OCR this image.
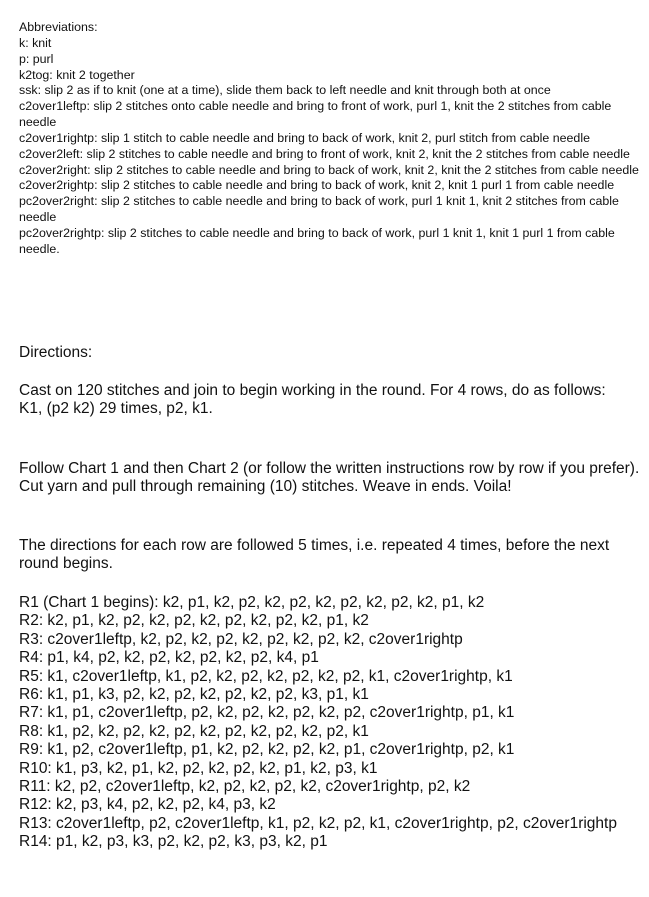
Abbreviations:

k: knit

p: purl

k2tog: knit 2 together

ssk: slip 2 as if to knit (one at a time), slide them back to left needle and knit through both at once

c2over1leftp: slip 2 stitches onto cable needle and bring to front of work, purl 1, knit the 2 stitches from cable needle

c2over1rightp: slip 1 stitch to cable needle and bring to back of work, knit 2, purl stitch from cable needle

c2over2left: slip 2 stitches to cable needle and bring to front of work, knit 2, knit the 2 stitches from cable needle

c2over2right: slip 2 stitches to cable needle and bring to back of work, knit 2, knit the 2 stitches from cable needle

c2over2rightp: slip 2 stitches to cable needle and bring to back of work, knit 2, knit 1 purl 1 from cable needle

pc2over2right: slip 2 stitches to cable needle and bring to back of work, purl 1 knit 1, knit 2 stitches from cable needle

pc2over2rightp: slip 2 stitches to cable needle and bring to back of work, purl 1 knit 1, knit 1 purl 1 from cable needle.

Directions:

Cast on 120 stitches and join to begin working in the round. For 4 rows, do as follows:

K1, (p2 k2) 29 times, p2, k1.

Follow Chart 1 and then Chart 2 (or follow the written instructions row by row if you prefer). Cut yarn and pull through remaining (10) stitches. Weave in ends. Voila!

The directions for each row are followed 5 times, i.e. repeated 4 times, before the next round begins.

R1 (Chart 1 begins): k2, p1, k2, p2, k2, p2, k2, p2, k2, p2, k2, p1, k2

R2: k2, p1, k2, p2, k2, p2, k2, p2, k2, p2, k2, p1, k2

R3: c2over1leftp, k2, p2, k2, p2, k2, p2, k2, p2, k2, c2over1rightp

R4: p1, k4, p2, k2, p2, k2, p2, k2, p2, k4, p1

R5: k1, c2over1leftp, k1, p2, k2, p2, k2, p2, k2, p2, k1, c2over1rightp, k1

R6: k1, p1, k3, p2, k2, p2, k2, p2, k2, p2, k3, p1, k1

R7: k1, p1, c2over1leftp, p2, k2, p2, k2, p2, k2, p2, c2over1rightp, p1, k1

R8: k1, p2, k2, p2, k2, p2, k2, p2, k2, p2, k2, p2, k1

R9: k1, p2, c2over1leftp, p1, k2, p2, k2, p2, k2, p1, c2over1rightp, p2, k1

R10: k1, p3, k2, p1, k2, p2, k2, p2, k2, p1, k2, p3, k1

R11: k2, p2, c2over1leftp, k2, p2, k2, p2, k2, c2over1rightp, p2, k2

R12: k2, p3, k4, p2, k2, p2, k4, p3, k2

R13: c2over1leftp, p2, c2over1leftp, k1, p2, k2, p2, k1, c2over1rightp, p2, c2over1rightp

R14: p1, k2, p3, k3, p2, k2, p2, k3, p3, k2, p1
